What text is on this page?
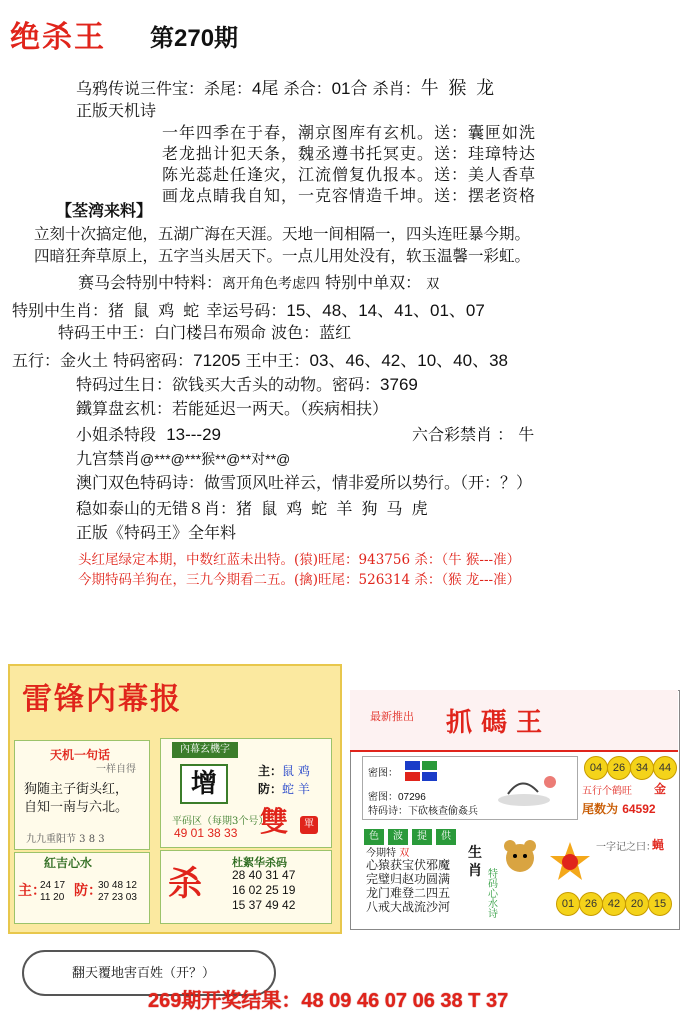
绝杀王 第270期
乌鸦传说三件宝：杀尾：4尾 杀合：01合 杀肖：牛 猴 龙
正版天机诗
一年四季在于春，潮京图库有玄机。送：囊匣如洗
老龙拙计犯天条，魏丞遵书托冥吏。送：珪璋特达
陈光蕊赴任逢灾，江流僧复仇报本。送：美人香草
画龙点睛我自知，一克容情造千坤。送：摆老资格
【荃湾来料】
立刻十次搞定他，五湖广海在天涯。天地一间相隔一，四头连旺暴今期。
四暗狂奔草原上，五字当头居天下。一点儿用处没有，软玉温馨一彩虹。
赛马会特别中特料：离开角色考虑四 特别中单双： 双
特别中生肖：猪 鼠 鸡 蛇 幸运号码：15、48、14、41、01、07
特码王中王：白门楼吕布殒命 波色：蓝红
五行：金火土 特码密码：71205 王中王：03、46、42、10、40、38
特码过生日：欲钱买大舌头的动物。密码：3769
鐵算盘玄机：若能延迟一两天。（疾病相扶）
小姐杀特段 13---29	六合彩禁肖 ： 牛
九宫禁肖@***@***猴**@**对**@
澳门双色特码诗：做雪顶风吐祥云，情非爱所以势行。（开：？）
稳如泰山的无错８肖：猪 鼠 鸡 蛇 羊 狗 马 虎
正版《特码王》全年料
头红尾绿定本期，中数红蓝未出特。(猿)旺尾：943756 杀：（牛 猴---准）
今期特码羊狗在，三九今期看二五。(擒)旺尾：526314 杀：（猴 龙---准）
雷锋内幕报
天机一句话
一样自得
狗随主子街头红，
自知一南与六北。
九九重阳节 3 8 3
內幕玄機字
增
平码区（每期3个号）
49 01 38 33
主：鼠 鸡
防：蛇 羊
雙	單
紅吉心水
主：
24 17
11 20 防：
30 48 12
27 23 03 杀
杜絮华杀码
28 40 31 47
16 02 25 19
15 37 49 42
最新推出 抓 碼 王
04 26 34 44
密图：
密图：07296
特码诗：下砍核查偷姦兵
五行个鹤旺 金
尾数为 64592
色 波 提 供
今期特 双
心猿获宝伏邪魔
完璧归赵功圆满
龙门难登二四五
八戒大战流沙河
生
肖 特码心水诗
一字记之曰：
蝇
01 26 42 20 15
翻天覆地害百姓（开？）
269期开奖结果：48 09 46 07 06 38 T 37
